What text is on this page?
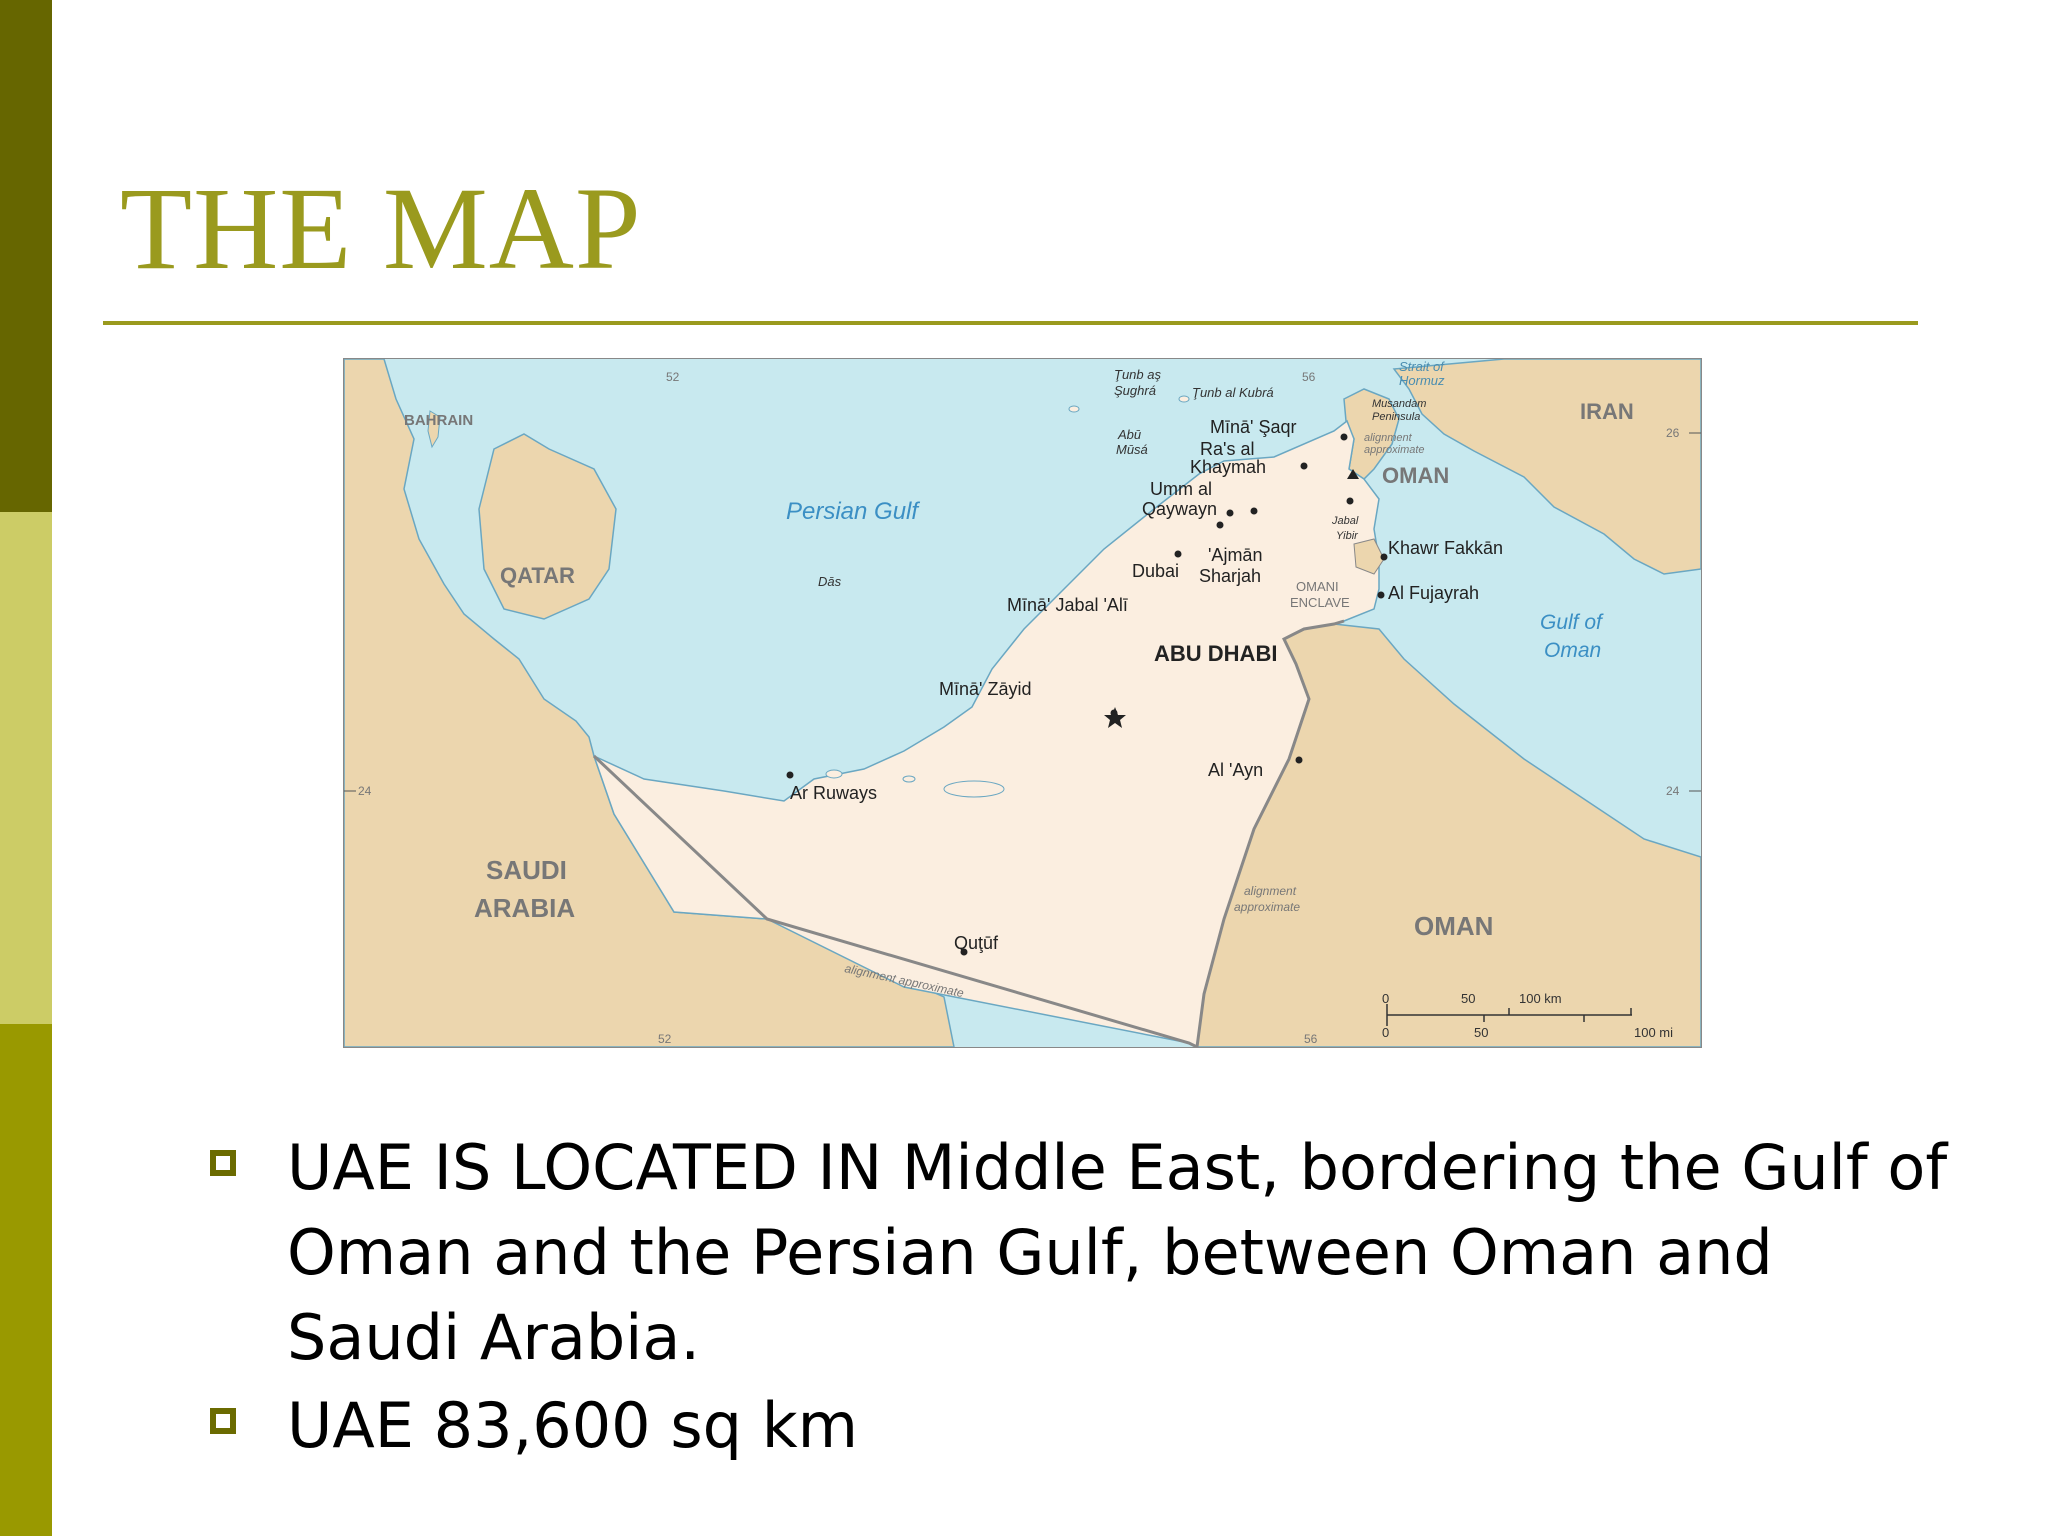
THE MAP
ABU DHABI
Mīnā' Zāyid
Mīnā' Jabal 'Alī
Dubai Sharjah
'Ajmān
Umm al
Qaywayn
Ra's al
Khaymah
Mīnā' Şaqr
Khawr Fakkān
Al Fujayrah
Al 'Ayn
Ar Ruways
Quţūf
Dās
Abū
Mūsá
Ţunb aş
Şughrá	Ţunb al Kubrá
Musandam
Peninsula
Jabal
Yibir
Strait of
Hormuz
alignment approximate
alignment
approximate
alignment
approximate
OMANI
ENCLAVE
Persian Gulf
Gulf of
Oman
IRAN
OMAN
OMAN
SAUDI
ARABIA
QATAR
BAHRAIN
52	56
52	56
24	24
26
0	50	100 km
0	50	100 mi
UAE IS LOCATED IN Middle East, bordering the Gulf of Oman and the Persian Gulf, between Oman and Saudi Arabia.
UAE 83,600 sq km
